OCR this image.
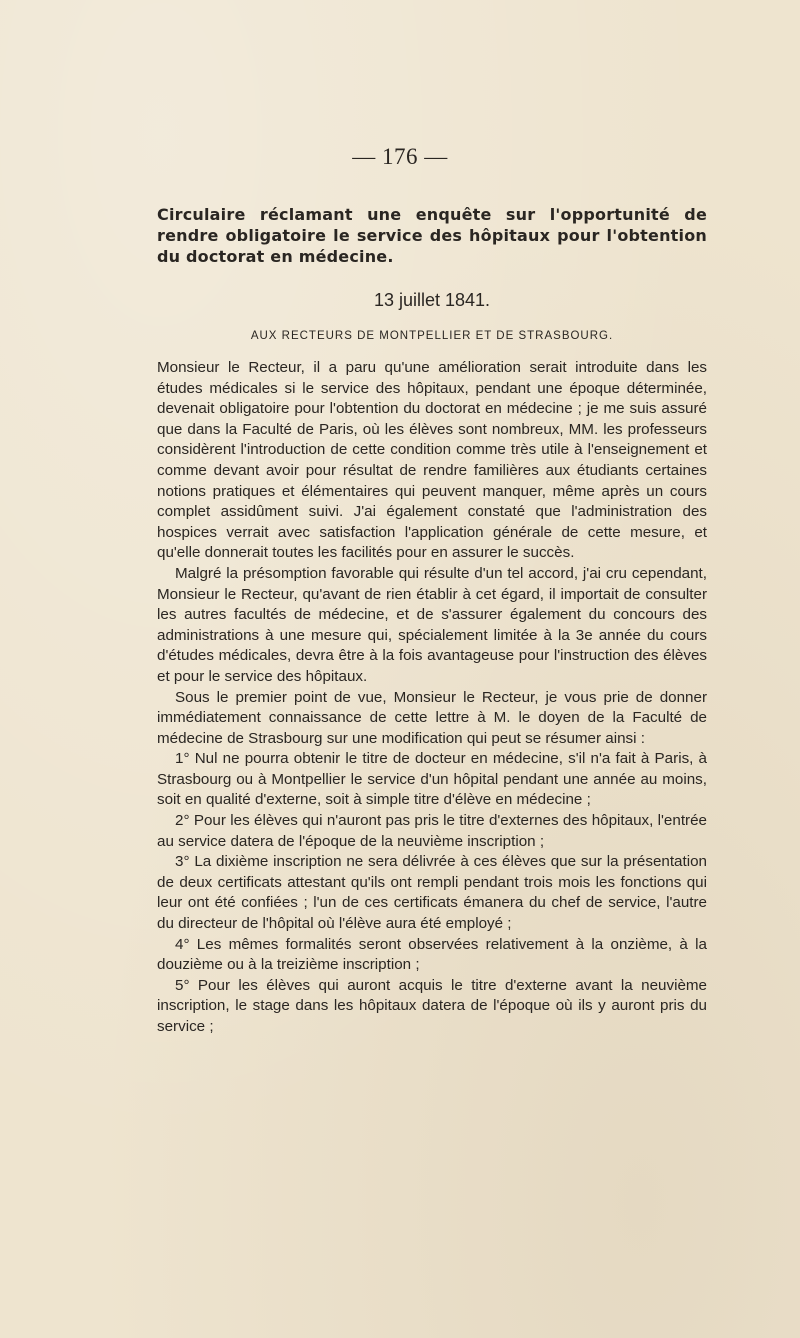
— 176 —
Circulaire réclamant une enquête sur l'opportunité de rendre obligatoire le service des hôpitaux pour l'obtention du doctorat en médecine.
13 juillet 1841.
AUX RECTEURS DE MONTPELLIER ET DE STRASBOURG.

Monsieur le Recteur, il a paru qu'une amélioration serait introduite dans les études médicales si le service des hôpitaux, pendant une époque déterminée, devenait obligatoire pour l'obtention du doctorat en médecine ; je me suis assuré que dans la Faculté de Paris, où les élèves sont nombreux, MM. les professeurs considèrent l'introduction de cette condition comme très utile à l'enseignement et comme devant avoir pour résultat de rendre familières aux étudiants certaines notions pratiques et élémentaires qui peuvent manquer, même après un cours complet assidûment suivi. J'ai également constaté que l'administration des hospices verrait avec satisfaction l'application générale de cette mesure, et qu'elle donnerait toutes les facilités pour en assurer le succès.

Malgré la présomption favorable qui résulte d'un tel accord, j'ai cru cependant, Monsieur le Recteur, qu'avant de rien établir à cet égard, il importait de consulter les autres facultés de médecine, et de s'assurer également du concours des administrations à une mesure qui, spécialement limitée à la 3e année du cours d'études médicales, devra être à la fois avantageuse pour l'instruction des élèves et pour le service des hôpitaux.

Sous le premier point de vue, Monsieur le Recteur, je vous prie de donner immédiatement connaissance de cette lettre à M. le doyen de la Faculté de médecine de Strasbourg sur une modification qui peut se résumer ainsi :

1° Nul ne pourra obtenir le titre de docteur en médecine, s'il n'a fait à Paris, à Strasbourg ou à Montpellier le service d'un hôpital pendant une année au moins, soit en qualité d'externe, soit à simple titre d'élève en médecine ;

2° Pour les élèves qui n'auront pas pris le titre d'externes des hôpitaux, l'entrée au service datera de l'époque de la neuvième inscription ;

3° La dixième inscription ne sera délivrée à ces élèves que sur la présentation de deux certificats attestant qu'ils ont rempli pendant trois mois les fonctions qui leur ont été confiées ; l'un de ces certificats émanera du chef de service, l'autre du directeur de l'hôpital où l'élève aura été employé ;

4° Les mêmes formalités seront observées relativement à la onzième, à la douzième ou à la treizième inscription ;

5° Pour les élèves qui auront acquis le titre d'externe avant la neuvième inscription, le stage dans les hôpitaux datera de l'époque où ils y auront pris du service ;
